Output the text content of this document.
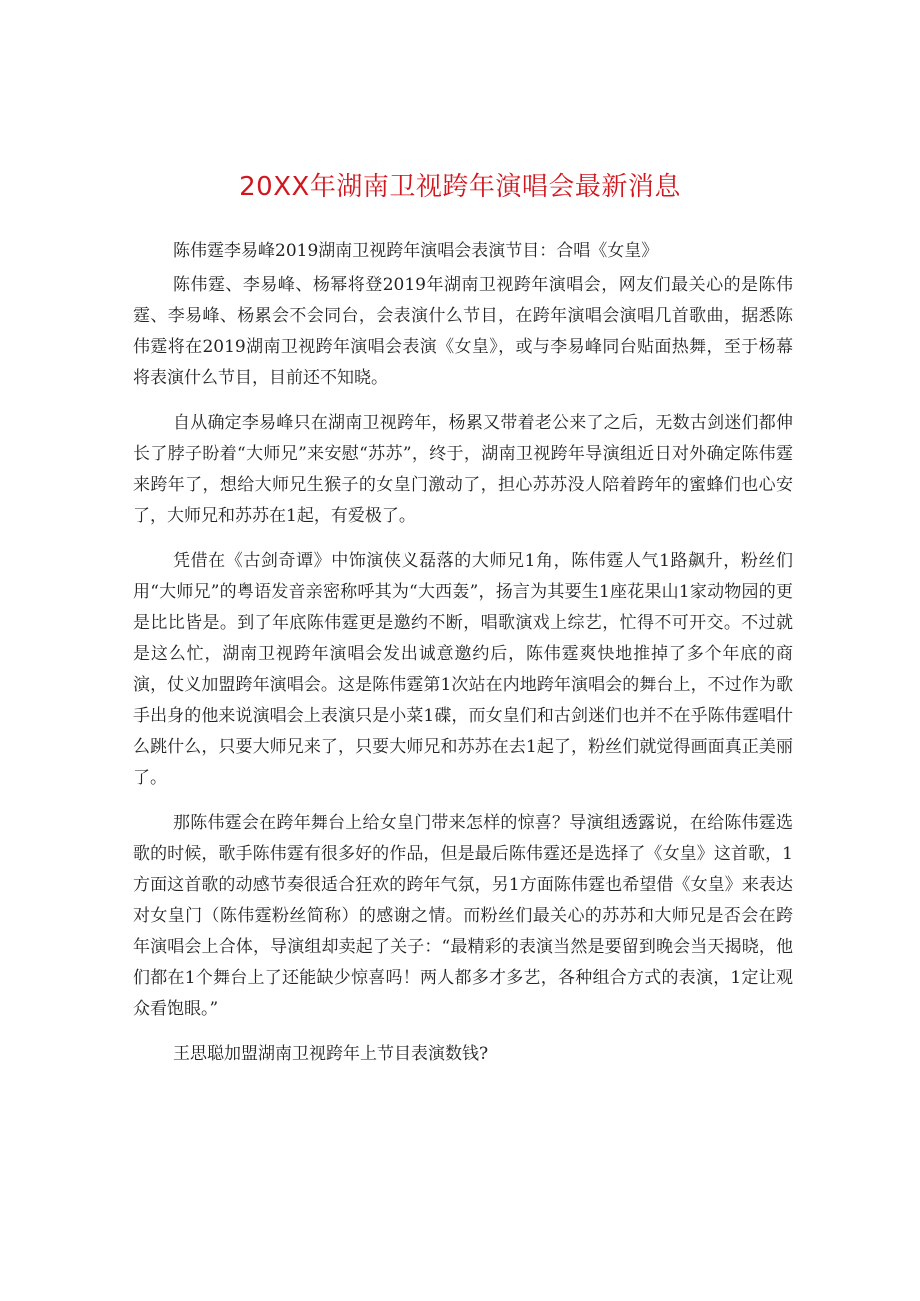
20XX年湖南卫视跨年演唱会最新消息

陈伟霆李易峰2019湖南卫视跨年演唱会表演节目：合唱《女皇》

陈伟霆、李易峰、杨幂将登2019年湖南卫视跨年演唱会，网友们最关心的是陈伟霆、李易峰、杨累会不会同台，会表演什么节目，在跨年演唱会演唱几首歌曲，据悉陈伟霆将在2019湖南卫视跨年演唱会表演《女皇》，或与李易峰同台贴面热舞，至于杨幕将表演什么节目，目前还不知晓。

自从确定李易峰只在湖南卫视跨年，杨累又带着老公来了之后，无数古剑迷们都伸长了脖子盼着“大师兄”来安慰“苏苏”，终于，湖南卫视跨年导演组近日对外确定陈伟霆来跨年了，想给大师兄生猴子的女皇门激动了，担心苏苏没人陪着跨年的蜜蜂们也心安了，大师兄和苏苏在1起，有爱极了。

凭借在《古剑奇谭》中饰演侠义磊落的大师兄1角，陈伟霆人气1路飙升，粉丝们用“大师兄”的粤语发音亲密称呼其为“大西轰”，扬言为其要生1座花果山1家动物园的更是比比皆是。到了年底陈伟霆更是邀约不断，唱歌演戏上综艺，忙得不可开交。不过就是这么忙，湖南卫视跨年演唱会发出诚意邀约后，陈伟霆爽快地推掉了多个年底的商演，仗义加盟跨年演唱会。这是陈伟霆第1次站在内地跨年演唱会的舞台上，不过作为歌手出身的他来说演唱会上表演只是小菜1碟，而女皇们和古剑迷们也并不在乎陈伟霆唱什么跳什么，只要大师兄来了，只要大师兄和苏苏在去1起了，粉丝们就觉得画面真正美丽了。

那陈伟霆会在跨年舞台上给女皇门带来怎样的惊喜？导演组透露说，在给陈伟霆选歌的时候，歌手陈伟霆有很多好的作品，但是最后陈伟霆还是选择了《女皇》这首歌，1方面这首歌的动感节奏很适合狂欢的跨年气氛，另1方面陈伟霆也希望借《女皇》来表达对女皇门（陈伟霆粉丝简称）的感谢之情。而粉丝们最关心的苏苏和大师兄是否会在跨年演唱会上合体，导演组却卖起了关子：“最精彩的表演当然是要留到晚会当天揭晓，他们都在1个舞台上了还能缺少惊喜吗！两人都多才多艺，各种组合方式的表演，1定让观众看饱眼。”

王思聪加盟湖南卫视跨年上节目表演数钱?
